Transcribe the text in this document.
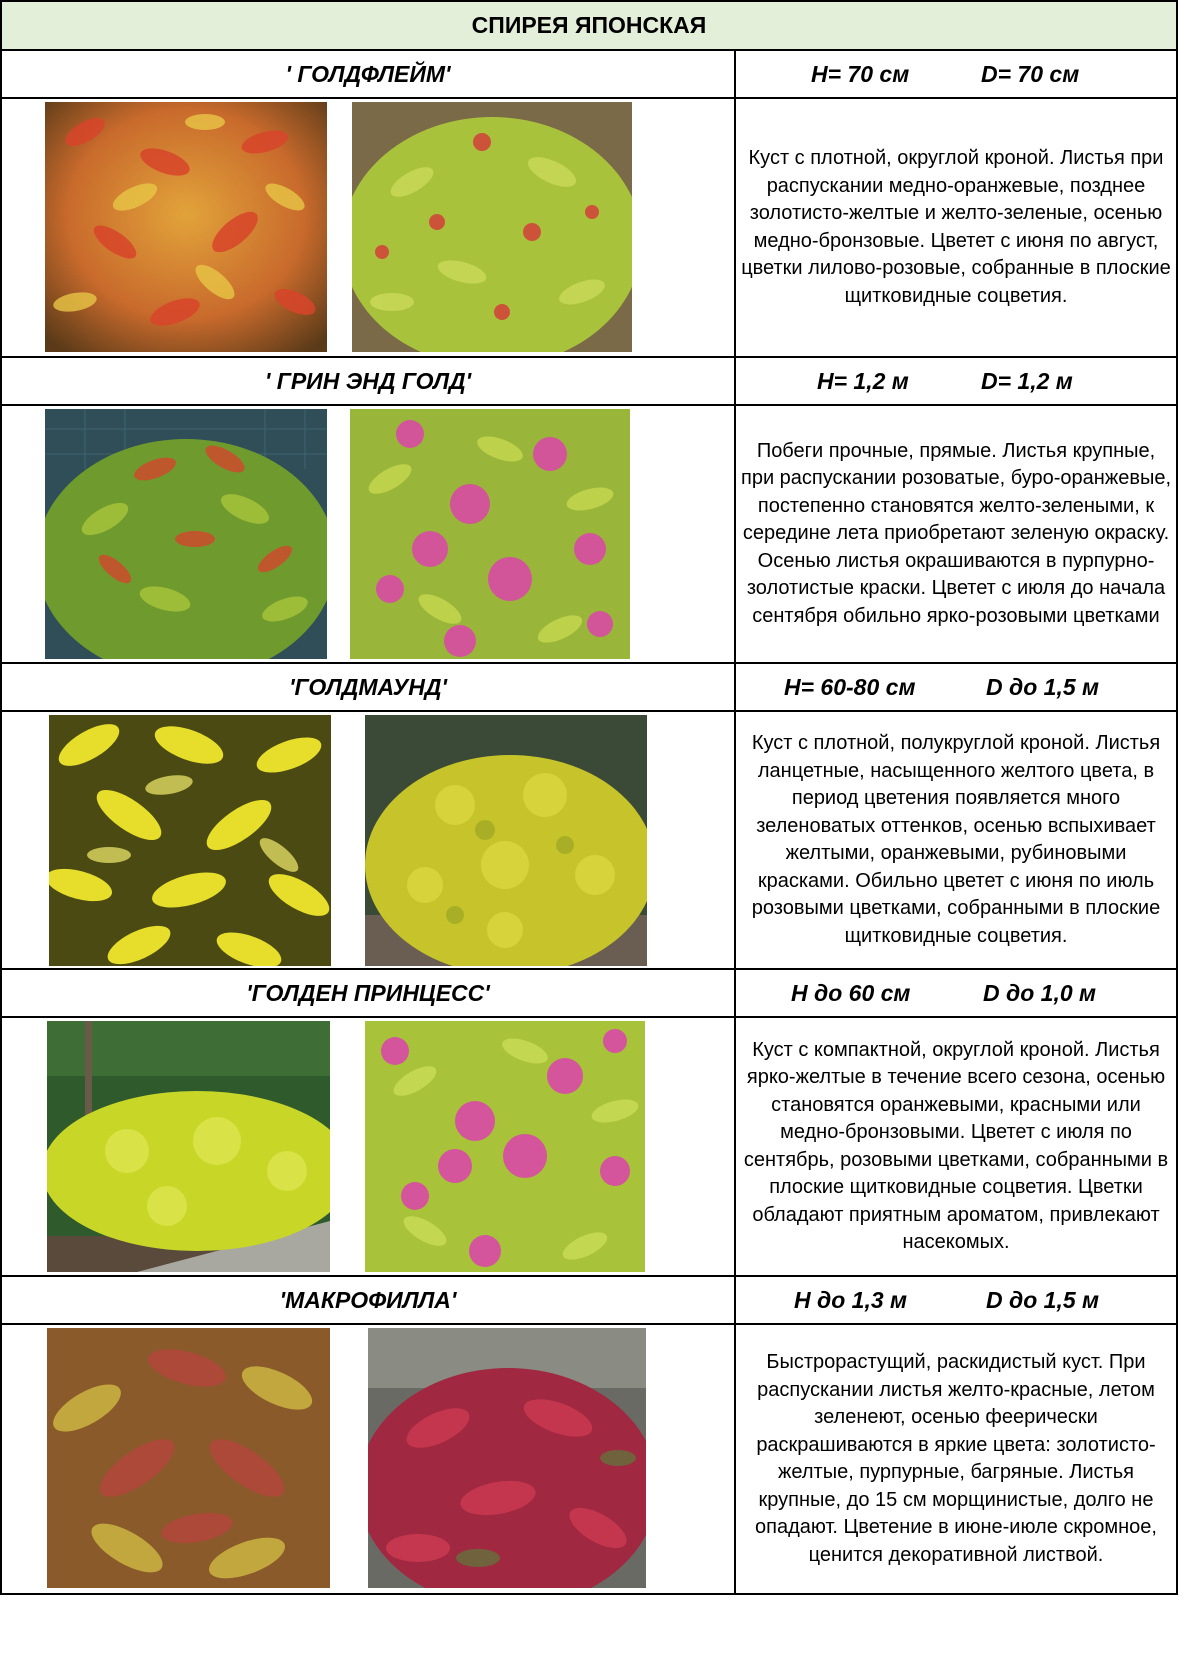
СПИРЕЯ ЯПОНСКАЯ
' ГОЛДФЛЕЙМ'	H= 70 см	D= 70 см
Куст с плотной, округлой кроной. Листья при распускании медно-оранжевые, позднее золотисто-желтые и желто-зеленые, осенью медно-бронзовые. Цветет с июня по август, цветки лилово-розовые, собранные в плоские щитковидные соцветия.
' ГРИН ЭНД ГОЛД'	H= 1,2 м	D= 1,2 м
Побеги прочные, прямые. Листья крупные, при распускании розоватые, буро-оранжевые, постепенно становятся желто-зелеными, к середине лета приобретают зеленую окраску. Осенью листья окрашиваются в пурпурно-золотистые краски. Цветет с июля до начала сентября обильно ярко-розовыми цветками
'ГОЛДМАУНД'	H= 60-80 см	D до 1,5 м
Куст с плотной, полукруглой кроной. Листья ланцетные, насыщенного желтого цвета, в период цветения появляется много зеленоватых оттенков, осенью вспыхивает желтыми, оранжевыми, рубиновыми красками. Обильно цветет с июня по июль розовыми цветками, собранными в плоские щитковидные соцветия.
'ГОЛДЕН ПРИНЦЕСС'	H до 60 см	D до 1,0 м
Куст с компактной, округлой кроной. Листья ярко-желтые в течение всего сезона, осенью становятся оранжевыми, красными или медно-бронзовыми. Цветет с июля по сентябрь, розовыми цветками, собранными в плоские щитковидные соцветия. Цветки обладают приятным ароматом, привлекают насекомых.
'МАКРОФИЛЛА'	H до 1,3 м	D до 1,5 м
Быстрорастущий, раскидистый куст. При распускании листья желто-красные, летом зеленеют, осенью феерически раскрашиваются в яркие цвета: золотисто-желтые, пурпурные, багряные. Листья крупные, до 15 см морщинистые, долго не опадают. Цветение в июне-июле скромное, ценится декоративной листвой.
